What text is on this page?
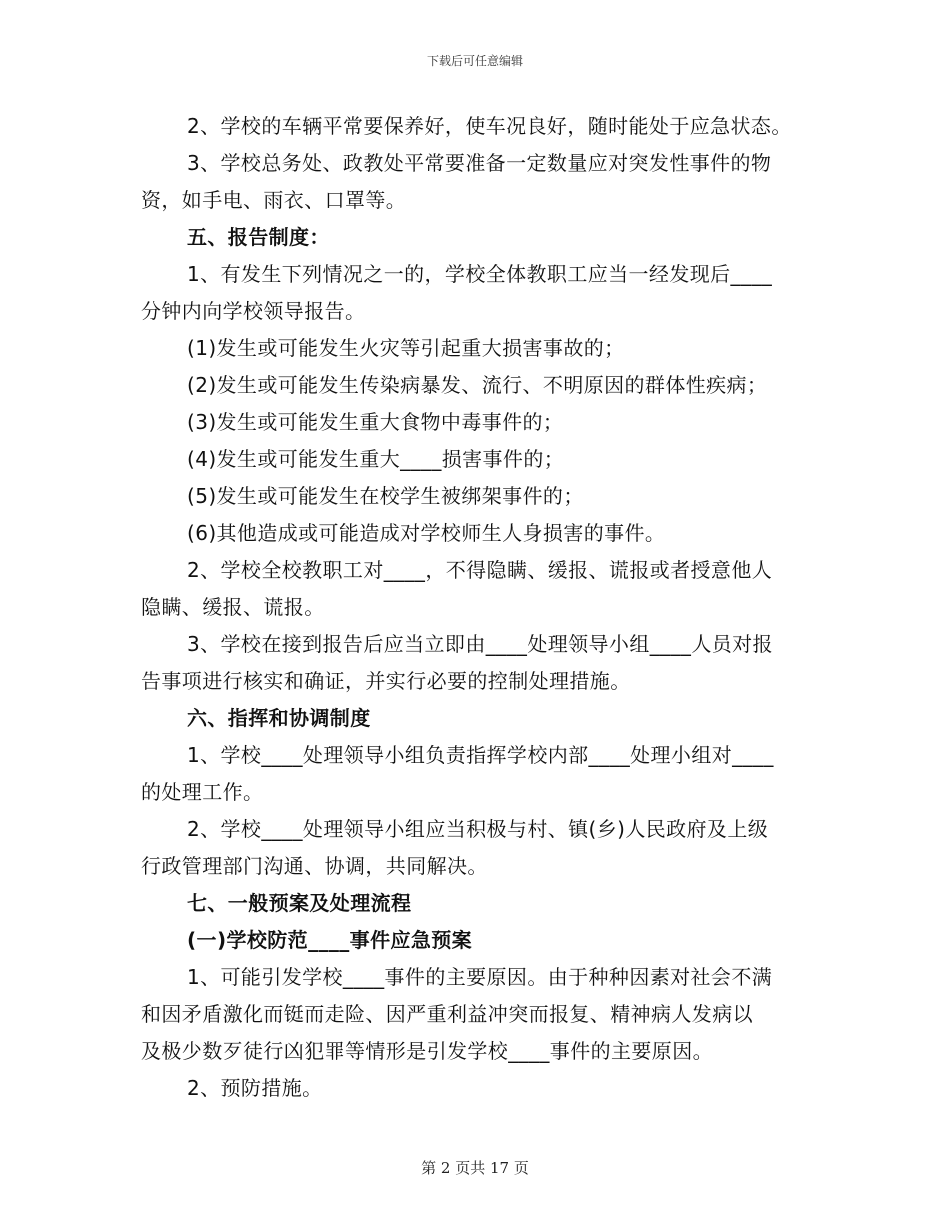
下载后可任意编辑
2、学校的车辆平常要保养好，使车况良好，随时能处于应急状态。
3、学校总务处、政教处平常要准备一定数量应对突发性事件的物
资，如手电、雨衣、口罩等。
五、报告制度：
1、有发生下列情况之一的，学校全体教职工应当一经发现后____
分钟内向学校领导报告。
(1)发生或可能发生火灾等引起重大损害事故的；
(2)发生或可能发生传染病暴发、流行、不明原因的群体性疾病；
(3)发生或可能发生重大食物中毒事件的；
(4)发生或可能发生重大____损害事件的；
(5)发生或可能发生在校学生被绑架事件的；
(6)其他造成或可能造成对学校师生人身损害的事件。
2、学校全校教职工对____，不得隐瞒、缓报、谎报或者授意他人
隐瞒、缓报、谎报。
3、学校在接到报告后应当立即由____处理领导小组____人员对报
告事项进行核实和确证，并实行必要的控制处理措施。
六、指挥和协调制度
1、学校____处理领导小组负责指挥学校内部____处理小组对____
的处理工作。
2、学校____处理领导小组应当积极与村、镇(乡)人民政府及上级
行政管理部门沟通、协调，共同解决。
七、一般预案及处理流程
(一)学校防范____事件应急预案
1、可能引发学校____事件的主要原因。由于种种因素对社会不满
和因矛盾激化而铤而走险、因严重利益冲突而报复、精神病人发病以
及极少数歹徒行凶犯罪等情形是引发学校____事件的主要原因。
2、预防措施。
第 2 页共 17 页
